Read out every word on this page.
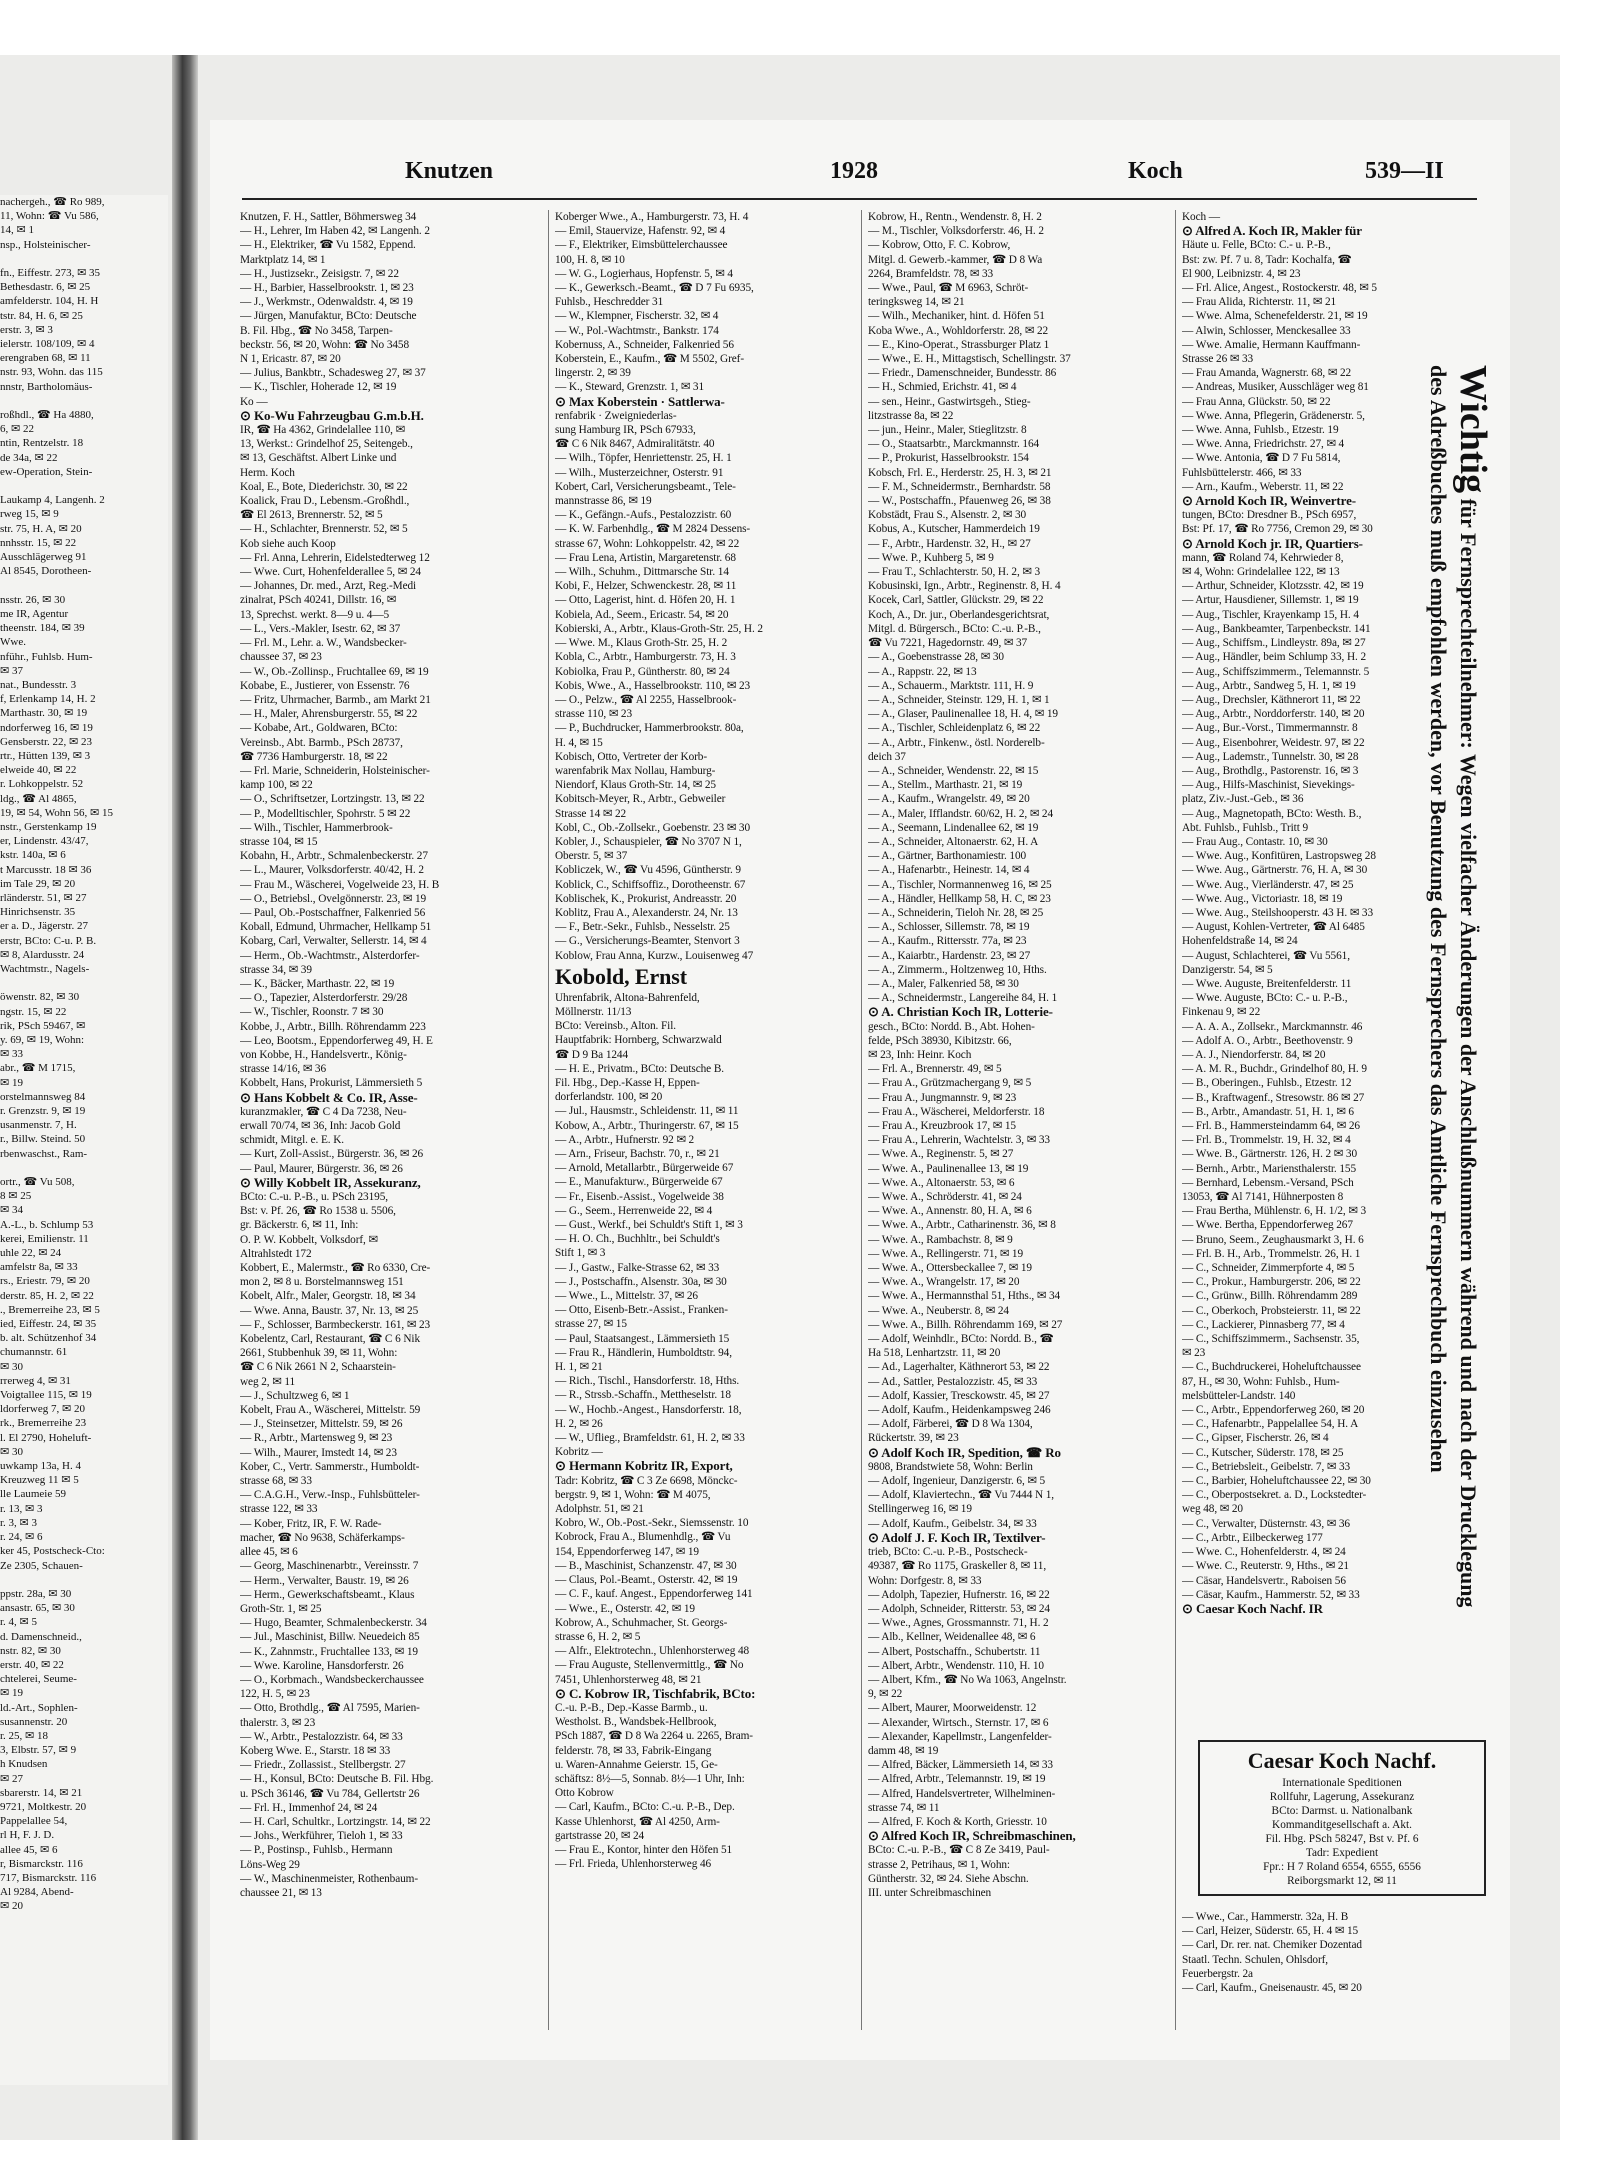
nachergeh., ☎ Ro 989,
11, Wohn: ☎ Vu 586,
14, ✉ 1
nsp., Holsteinischer-

fn., Eiffestr. 273, ✉ 35
Bethesdastr. 6, ✉ 25
amfelderstr. 104, H. H
tstr. 84, H. 6, ✉ 25
erstr. 3, ✉ 3
ielerstr. 108/109, ✉ 4
erengraben 68, ✉ 11
nstr. 93, Wohn. das 115
nnstr, Bartholomäus-

roßhdl., ☎ Ha 4880,
6, ✉ 22
ntin, Rentzelstr. 18
de 34a, ✉ 22
ew-Operation, Stein-

Laukamp 4, Langenh. 2
rweg 15, ✉ 9
str. 75, H. A, ✉ 20
nnhsstr. 15, ✉ 22
Ausschlägerweg 91
Al 8545, Dorotheen-

nsstr. 26, ✉ 30
me IR, Agentur
theenstr. 184, ✉ 39
Wwe.
nführ., Fuhlsb. Hum-
✉ 37
nat., Bundesstr. 3
f, Erlenkamp 14, H. 2
Marthastr. 30, ✉ 19
ndorferweg 16, ✉ 19
Gensberstr. 22, ✉ 23
rtr., Hütten 139, ✉ 3
elweide 40, ✉ 22
r. Lohkoppelstr. 52
ldg., ☎ Al 4865,
19, ✉ 54, Wohn 56, ✉ 15
nstr., Gerstenkamp 19
er, Lindenstr. 43/47,
kstr. 140a, ✉ 6
t Marcusstr. 18 ✉ 36
im Tale 29, ✉ 20
rländerstr. 51, ✉ 27
Hinrichsenstr. 35
er a. D., Jägerstr. 27
erstr, BCto: C-u. P. B.
✉ 8, Alardusstr. 24
Wachtmstr., Nagels-

öwenstr. 82, ✉ 30
ngstr. 15, ✉ 22
rik, PSch 59467, ✉
y. 69, ✉ 19, Wohn:
✉ 33
abr., ☎ M 1715,
✉ 19
orstelmannsweg 84
r. Grenzstr. 9, ✉ 19
usanmenstr. 7, H.
r., Billw. Steind. 50
rbenwaschst., Ram-

ortr., ☎ Vu 508,
8 ✉ 25
✉ 34
A.-L., b. Schlump 53
kerei, Emilienstr. 11
uhle 22, ✉ 24
amfelstr 8a, ✉ 33
rs., Eriestr. 79, ✉ 20
derstr. 85, H. 2, ✉ 22
., Bremerreihe 23, ✉ 5
ied, Eiffestr. 24, ✉ 35
b. alt. Schützenhof 34
chumannstr. 61
✉ 30
rrerweg 4, ✉ 31
Voigtallee 115, ✉ 19
ldorferweg 7, ✉ 20
rk., Bremerreihe 23
l. El 2790, Hoheluft-
✉ 30
uwkamp 13a, H. 4
Kreuzweg 11 ✉ 5
lle Laumeie 59
r. 13, ✉ 3
r. 3, ✉ 3
r. 24, ✉ 6
ker 45, Postscheck-Cto:
Ze 2305, Schauen-

ppstr. 28a, ✉ 30
ansastr. 65, ✉ 30
r. 4, ✉ 5
d. Damenschneid.,
nstr. 82, ✉ 30
erstr. 40, ✉ 22
chtelerei, Seume-
✉ 19
ld.-Art., Sophlen-
susannenstr. 20
r. 25, ✉ 18
3, Elbstr. 57, ✉ 9
h Knudsen
✉ 27
sbarerstr. 14, ✉ 21
9721, Moltkestr. 20
Pappelallee 54,
rl H, F. J. D.
allee 45, ✉ 6
r, Bismarckstr. 116
717, Bismarckstr. 116
Al 9284, Abend-
✉ 20
Knutzen	1928	Koch	539—II
Knutzen, F. H., Sattler, Böhmersweg 34
— H., Lehrer, Im Haben 42, ✉ Langenh. 2
— H., Elektriker, ☎ Vu 1582, Eppend.
Marktplatz 14, ✉ 1
— H., Justizsekr., Zeisigstr. 7, ✉ 22
— H., Barbier, Hasselbrookstr. 1, ✉ 23
— J., Werkmstr., Odenwaldstr. 4, ✉ 19
— Jürgen, Manufaktur, BCto: Deutsche
B. Fil. Hbg., ☎ No 3458, Tarpen-
beckstr. 56, ✉ 20, Wohn: ☎ No 3458
N 1, Ericastr. 87, ✉ 20
— Julius, Bankbtr., Schadesweg 27, ✉ 37
— K., Tischler, Hoherade 12, ✉ 19
Ko —
⊙ Ko-Wu Fahrzeugbau G.m.b.H.
IR, ☎ Ha 4362, Grindelallee 110, ✉
13, Werkst.: Grindelhof 25, Seitengeb.,
✉ 13, Geschäftst. Albert Linke und
Herm. Koch
Koal, E., Bote, Diederichstr. 30, ✉ 22
Koalick, Frau D., Lebensm.-Großhdl.,
☎ El 2613, Brennerstr. 52, ✉ 5
— H., Schlachter, Brennerstr. 52, ✉ 5
Kob siehe auch Koop
— Frl. Anna, Lehrerin, Eidelstedterweg 12
— Wwe. Curt, Hohenfelderallee 5, ✉ 24
— Johannes, Dr. med., Arzt, Reg.-Medi
zinalrat, PSch 40241, Dillstr. 16, ✉
13, Sprechst. werkt. 8—9 u. 4—5
— L., Vers.-Makler, Isestr. 62, ✉ 37
— Frl. M., Lehr. a. W., Wandsbecker-
chaussee 37, ✉ 23
— W., Ob.-Zollinsp., Fruchtallee 69, ✉ 19
Kobabe, E., Justierer, von Essenstr. 76
— Fritz, Uhrmacher, Barmb., am Markt 21
— H., Maler, Ahrensburgerstr. 55, ✉ 22
— Kobabe, Art., Goldwaren, BCto:
Vereinsb., Abt. Barmb., PSch 28737,
☎ 7736 Hamburgerstr. 18, ✉ 22
— Frl. Marie, Schneiderin, Holsteinischer-
kamp 100, ✉ 22
— O., Schriftsetzer, Lortzingstr. 13, ✉ 22
— P., Modelltischler, Spohrstr. 5 ✉ 22
— Wilh., Tischler, Hammerbrook-
strasse 104, ✉ 15
Kobahn, H., Arbtr., Schmalenbeckerstr. 27
— L., Maurer, Volksdorferstr. 40/42, H. 2
— Frau M., Wäscherei, Vogelweide 23, H. B
— O., Betriebsl., Ovelgönnerstr. 23, ✉ 19
— Paul, Ob.-Postschaffner, Falkenried 56
Koball, Edmund, Uhrmacher, Hellkamp 51
Kobarg, Carl, Verwalter, Sellerstr. 14, ✉ 4
— Herm., Ob.-Wachtmstr., Alsterdorfer-
strasse 34, ✉ 39
— K., Bäcker, Marthastr. 22, ✉ 19
— O., Tapezier, Alsterdorferstr. 29/28
— W., Tischler, Roonstr. 7 ✉ 30
Kobbe, J., Arbtr., Billh. Röhrendamm 223
— Leo, Bootsm., Eppendorferweg 49, H. E
von Kobbe, H., Handelsvertr., König-
strasse 14/16, ✉ 36
Kobbelt, Hans, Prokurist, Lämmersieth 5
⊙ Hans Kobbelt & Co. IR, Asse-
kuranzmakler, ☎ C 4 Da 7238, Neu-
erwall 70/74, ✉ 36, Inh: Jacob Gold
schmidt, Mitgl. e. E. K.
— Kurt, Zoll-Assist., Bürgerstr. 36, ✉ 26
— Paul, Maurer, Bürgerstr. 36, ✉ 26
⊙ Willy Kobbelt IR, Assekuranz,
BCto: C.-u. P.-B., u. PSch 23195,
Bst: v. Pf. 26, ☎ Ro 1538 u. 5506,
gr. Bäckerstr. 6, ✉ 11, Inh:
O. P. W. Kobbelt, Volksdorf, ✉
Altrahlstedt 172
Kobbert, E., Malermstr., ☎ Ro 6330, Cre-
mon 2, ✉ 8 u. Borstelmannsweg 151
Kobelt, Alfr., Maler, Georgstr. 18, ✉ 34
— Wwe. Anna, Baustr. 37, Nr. 13, ✉ 25
— F., Schlosser, Barmbeckerstr. 161, ✉ 23
Kobelentz, Carl, Restaurant, ☎ C 6 Nik
2661, Stubbenhuk 39, ✉ 11, Wohn:
☎ C 6 Nik 2661 N 2, Schaarstein-
weg 2, ✉ 11
— J., Schultzweg 6, ✉ 1
Kobelt, Frau A., Wäscherei, Mittelstr. 59
— J., Steinsetzer, Mittelstr. 59, ✉ 26
— R., Arbtr., Martensweg 9, ✉ 23
— Wilh., Maurer, Imstedt 14, ✉ 23
Kober, C., Vertr. Sammerstr., Humboldt-
strasse 68, ✉ 33
— C.A.G.H., Verw.-Insp., Fuhlsbütteler-
strasse 122, ✉ 33
— Kober, Fritz, IR, F. W. Rade-
macher, ☎ No 9638, Schäferkamps-
allee 45, ✉ 6
— Georg, Maschinenarbtr., Vereinsstr. 7
— Herm., Verwalter, Baustr. 19, ✉ 26
— Herm., Gewerkschaftsbeamt., Klaus
Groth-Str. 1, ✉ 25
— Hugo, Beamter, Schmalenbeckerstr. 34
— Jul., Maschinist, Billw. Neuedeich 85
— K., Zahnmstr., Fruchtallee 133, ✉ 19
— Wwe. Karoline, Hansdorferstr. 26
— O., Korbmach., Wandsbeckerchaussee
122, H. 5, ✉ 23
— Otto, Brothdlg., ☎ Al 7595, Marien-
thalerstr. 3, ✉ 23
— W., Arbtr., Pestalozzistr. 64, ✉ 33
Koberg Wwe. E., Starstr. 18 ✉ 33
— Friedr., Zollassist., Stellbergstr. 27
— H., Konsul, BCto: Deutsche B. Fil. Hbg.
u. PSch 36146, ☎ Vu 784, Gellertstr 26
— Frl. H., Immenhof 24, ✉ 24
— H. Carl, Schultkr., Lortzingstr. 14, ✉ 22
— Johs., Werkführer, Tieloh 1, ✉ 33
— P., Postinsp., Fuhlsb., Hermann
Löns-Weg 29
— W., Maschinenmeister, Rothenbaum-
chaussee 21, ✉ 13
Koberger Wwe., A., Hamburgerstr. 73, H. 4
— Emil, Stauervize, Hafenstr. 92, ✉ 4
— F., Elektriker, Eimsbüttelerchaussee
100, H. 8, ✉ 10
— W. G., Logierhaus, Hopfenstr. 5, ✉ 4
— K., Gewerksch.-Beamt., ☎ D 7 Fu 6935,
Fuhlsb., Heschredder 31
— W., Klempner, Fischerstr. 32, ✉ 4
— W., Pol.-Wachtmstr., Bankstr. 174
Kobernuss, A., Schneider, Falkenried 56
Koberstein, E., Kaufm., ☎ M 5502, Gref-
lingerstr. 2, ✉ 39
— K., Steward, Grenzstr. 1, ✉ 31
⊙ Max Koberstein · Sattlerwa-
renfabrik · Zweigniederlas-
sung Hamburg IR, PSch 67933,
☎ C 6 Nik 8467, Admiralitätstr. 40
— Wilh., Töpfer, Henriettenstr. 25, H. 1
— Wilh., Musterzeichner, Osterstr. 91
Kobert, Carl, Versicherungsbeamt., Tele-
mannstrasse 86, ✉ 19
— K., Gefängn.-Aufs., Pestalozzistr. 60
— K. W. Farbenhdlg., ☎ M 2824 Dessens-
strasse 67, Wohn: Lohkoppelstr. 42, ✉ 22
— Frau Lena, Artistin, Margaretenstr. 68
— Wilh., Schuhm., Dittmarsche Str. 14
Kobi, F., Helzer, Schwenckestr. 28, ✉ 11
— Otto, Lagerist, hint. d. Höfen 20, H. 1
Kobiela, Ad., Seem., Ericastr. 54, ✉ 20
Kobierski, A., Arbtr., Klaus-Groth-Str. 25, H. 2
— Wwe. M., Klaus Groth-Str. 25, H. 2
Kobla, C., Arbtr., Hamburgerstr. 73, H. 3
Kobiolka, Frau P., Güntherstr. 80, ✉ 24
Kobis, Wwe., A., Hasselbrookstr. 110, ✉ 23
— O., Pelzw., ☎ Al 2255, Hasselbrook-
strasse 110, ✉ 23
— P., Buchdrucker, Hammerbrookstr. 80a,
H. 4, ✉ 15
Kobisch, Otto, Vertreter der Korb-
warenfabrik Max Nollau, Hamburg-
Niendorf, Klaus Groth-Str. 14, ✉ 25
Kobitsch-Meyer, R., Arbtr., Gebweiler
Strasse 14 ✉ 22
Kobl, C., Ob.-Zollsekr., Goebenstr. 23 ✉ 30
Kobler, J., Schauspieler, ☎ No 3707 N 1,
Oberstr. 5, ✉ 37
Kobliczek, W., ☎ Vu 4596, Güntherstr. 9
Koblick, C., Schiffsoffiz., Dorotheenstr. 67
Koblischek, K., Prokurist, Andreasstr. 20
Koblitz, Frau A., Alexanderstr. 24, Nr. 13
— F., Betr.-Sekr., Fuhlsb., Nesselstr. 25
— G., Versicherungs-Beamter, Stenvort 3
Koblow, Frau Anna, Kurzw., Louisenweg 47
Kobold, Ernst
Uhrenfabrik, Altona-Bahrenfeld,
Möllnerstr. 11/13
BCto: Vereinsb., Alton. Fil.
Hauptfabrik: Hornberg, Schwarzwald
☎ D 9 Ba 1244
— H. E., Privatm., BCto: Deutsche B.
Fil. Hbg., Dep.-Kasse H, Eppen-
dorferlandstr. 100, ✉ 20
— Jul., Hausmstr., Schleidenstr. 11, ✉ 11
Kobow, A., Arbtr., Thuringerstr. 67, ✉ 15
— A., Arbtr., Hufnerstr. 92 ✉ 2
— Arn., Friseur, Bachstr. 70, r., ✉ 21
— Arnold, Metallarbtr., Bürgerweide 67
— E., Manufakturw., Bürgerweide 67
— Fr., Eisenb.-Assist., Vogelweide 38
— G., Seem., Herrenweide 22, ✉ 4
— Gust., Werkf., bei Schuldt's Stift 1, ✉ 3
— H. O. Ch., Buchhltr., bei Schuldt's
Stift 1, ✉ 3
— J., Gastw., Falke-Strasse 62, ✉ 33
— J., Postschaffn., Alsenstr. 30a, ✉ 30
— Wwe., L., Mittelstr. 37, ✉ 26
— Otto, Eisenb-Betr.-Assist., Franken-
strasse 27, ✉ 15
— Paul, Staatsangest., Lämmersieth 15
— Frau R., Händlerin, Humboldtstr. 94,
H. 1, ✉ 21
— Rich., Tischl., Hansdorferstr. 18, Hths.
— R., Strssb.-Schaffn., Mettheselstr. 18
— W., Hochb.-Angest., Hansdorferstr. 18,
H. 2, ✉ 26
— W., Uflieg., Bramfeldstr. 61, H. 2, ✉ 33
Kobritz —
⊙ Hermann Kobritz IR, Export,
Tadr: Kobritz, ☎ C 3 Ze 6698, Mönckc-
bergstr. 9, ✉ 1, Wohn: ☎ M 4075,
Adolphstr. 51, ✉ 21
Kobro, W., Ob.-Post.-Sekr., Siemssenstr. 10
Kobrock, Frau A., Blumenhdlg., ☎ Vu
154, Eppendorferweg 147, ✉ 19
— B., Maschinist, Schanzenstr. 47, ✉ 30
— Claus, Pol.-Beamt., Osterstr. 42, ✉ 19
— C. F., kauf. Angest., Eppendorferweg 141
— Wwe., E., Osterstr. 42, ✉ 19
Kobrow, A., Schuhmacher, St. Georgs-
strasse 6, H. 2, ✉ 5
— Alfr., Elektrotechn., Uhlenhorsterweg 48
— Frau Auguste, Stellenvermittlg., ☎ No
7451, Uhlenhorsterweg 48, ✉ 21
⊙ C. Kobrow IR, Tischfabrik, BCto:
C.-u. P.-B., Dep.-Kasse Barmb., u.
Westholst. B., Wandsbek-Hellbrook,
PSch 1887, ☎ D 8 Wa 2264 u. 2265, Bram-
felderstr. 78, ✉ 33, Fabrik-Eingang
u. Waren-Annahme Geierstr. 15, Ge-
schäftsz: 8½—5, Sonnab. 8½—1 Uhr, Inh:
Otto Kobrow
— Carl, Kaufm., BCto: C.-u. P.-B., Dep.
Kasse Uhlenhorst, ☎ Al 4250, Arm-
gartstrasse 20, ✉ 24
— Frau E., Kontor, hinter den Höfen 51
— Frl. Frieda, Uhlenhorsterweg 46
Kobrow, H., Rentn., Wendenstr. 8, H. 2
— M., Tischler, Volksdorferstr. 46, H. 2
— Kobrow, Otto, F. C. Kobrow,
Mitgl. d. Gewerb.-kammer, ☎ D 8 Wa
2264, Bramfeldstr. 78, ✉ 33
— Wwe., Paul, ☎ M 6963, Schröt-
teringksweg 14, ✉ 21
— Wilh., Mechaniker, hint. d. Höfen 51
Koba Wwe., A., Wohldorferstr. 28, ✉ 22
— E., Kino-Operat., Strassburger Platz 1
— Wwe., E. H., Mittagstisch, Schellingstr. 37
— Friedr., Damenschneider, Bundesstr. 86
— H., Schmied, Erichstr. 41, ✉ 4
— sen., Heinr., Gastwirtsgeh., Stieg-
litzstrasse 8a, ✉ 22
— jun., Heinr., Maler, Stieglitzstr. 8
— O., Staatsarbtr., Marckmannstr. 164
— P., Prokurist, Hasselbrookstr. 154
Kobsch, Frl. E., Herderstr. 25, H. 3, ✉ 21
— F. M., Schneidermstr., Bernhardstr. 58
— W., Postschaffn., Pfauenweg 26, ✉ 38
Kobstädt, Frau S., Alsenstr. 2, ✉ 30
Kobus, A., Kutscher, Hammerdeich 19
— F., Arbtr., Hardenstr. 32, H., ✉ 27
— Wwe. P., Kuhberg 5, ✉ 9
— Frau T., Schlachterstr. 50, H. 2, ✉ 3
Kobusinski, Ign., Arbtr., Reginenstr. 8, H. 4
Kocek, Carl, Sattler, Glückstr. 29, ✉ 22
Koch, A., Dr. jur., Oberlandesgerichtsrat,
Mitgl. d. Bürgersch., BCto: C.-u. P.-B.,
☎ Vu 7221, Hagedornstr. 49, ✉ 37
— A., Goebenstrasse 28, ✉ 30
— A., Rappstr. 22, ✉ 13
— A., Schauerm., Marktstr. 111, H. 9
— A., Schneider, Steinstr. 129, H. 1, ✉ 1
— A., Glaser, Paulinenallee 18, H. 4, ✉ 19
— A., Tischler, Schleidenplatz 6, ✉ 22
— A., Arbtr., Finkenw., östl. Norderelb-
deich 37
— A., Schneider, Wendenstr. 22, ✉ 15
— A., Stellm., Marthastr. 21, ✉ 19
— A., Kaufm., Wrangelstr. 49, ✉ 20
— A., Maler, Ifflandstr. 60/62, H. 2, ✉ 24
— A., Seemann, Lindenallee 62, ✉ 19
— A., Schneider, Altonaerstr. 62, H. A
— A., Gärtner, Barthonamiestr. 100
— A., Hafenarbtr., Heinestr. 14, ✉ 4
— A., Tischler, Normannenweg 16, ✉ 25
— A., Händler, Hellkamp 58, H. C, ✉ 23
— A., Schneiderin, Tieloh Nr. 28, ✉ 25
— A., Schlosser, Sillemstr. 78, ✉ 19
— A., Kaufm., Rittersstr. 77a, ✉ 23
— A., Kaiarbtr., Hardenstr. 23, ✉ 27
— A., Zimmerm., Holtzenweg 10, Hths.
— A., Maler, Falkenried 58, ✉ 30
— A., Schneidermstr., Langereihe 84, H. 1
⊙ A. Christian Koch IR, Lotterie-
gesch., BCto: Nordd. B., Abt. Hohen-
felde, PSch 38930, Kibitzstr. 66,
✉ 23, Inh: Heinr. Koch
— Frl. A., Brennerstr. 49, ✉ 5
— Frau A., Grützmachergang 9, ✉ 5
— Frau A., Jungmannstr. 9, ✉ 23
— Frau A., Wäscherei, Meldorferstr. 18
— Frau A., Kreuzbrook 17, ✉ 15
— Frau A., Lehrerin, Wachtelstr. 3, ✉ 33
— Wwe. A., Reginenstr. 5, ✉ 27
— Wwe. A., Paulinenallee 13, ✉ 19
— Wwe. A., Altonaerstr. 53, ✉ 6
— Wwe. A., Schröderstr. 41, ✉ 24
— Wwe. A., Annenstr. 80, H. A, ✉ 6
— Wwe. A., Arbtr., Catharinenstr. 36, ✉ 8
— Wwe. A., Rambachstr. 8, ✉ 9
— Wwe. A., Rellingerstr. 71, ✉ 19
— Wwe. A., Ottersbeckallee 7, ✉ 19
— Wwe. A., Wrangelstr. 17, ✉ 20
— Wwe. A., Hermannsthal 51, Hths., ✉ 34
— Wwe. A., Neuberstr. 8, ✉ 24
— Wwe. A., Billh. Röhrendamm 169, ✉ 27
— Adolf, Weinhdlr., BCto: Nordd. B., ☎
Ha 518, Lenhartzstr. 11, ✉ 20
— Ad., Lagerhalter, Käthnerort 53, ✉ 22
— Ad., Sattler, Pestalozzistr. 45, ✉ 33
— Adolf, Kassier, Tresckowstr. 45, ✉ 27
— Adolf, Kaufm., Heidenkampsweg 246
— Adolf, Färberei, ☎ D 8 Wa 1304,
Rückertstr. 39, ✉ 23
⊙ Adolf Koch IR, Spedition, ☎ Ro
9808, Brandstwiete 58, Wohn: Berlin
— Adolf, Ingenieur, Danzigerstr. 6, ✉ 5
— Adolf, Klaviertechn., ☎ Vu 7444 N 1,
Stellingerweg 16, ✉ 19
— Adolf, Kaufm., Geibelstr. 34, ✉ 33
⊙ Adolf J. F. Koch IR, Textilver-
trieb, BCto: C.-u. P.-B., Postscheck-
49387, ☎ Ro 1175, Graskeller 8, ✉ 11,
Wohn: Dorfgestr. 8, ✉ 33
— Adolph, Tapezier, Hufnerstr. 16, ✉ 22
— Adolph, Schneider, Ritterstr. 53, ✉ 24
— Wwe., Agnes, Grossmannstr. 71, H. 2
— Alb., Kellner, Weidenallee 48, ✉ 6
— Albert, Postschaffn., Schubertstr. 11
— Albert, Arbtr., Wendenstr. 110, H. 10
— Albert, Kfm., ☎ No Wa 1063, Angelnstr.
9, ✉ 22
— Albert, Maurer, Moorweidenstr. 12
— Alexander, Wirtsch., Sternstr. 17, ✉ 6
— Alexander, Kapellmstr., Langenfelder-
damm 48, ✉ 19
— Alfred, Bäcker, Lämmersieth 14, ✉ 33
— Alfred, Arbtr., Telemannstr. 19, ✉ 19
— Alfred, Handelsvertreter, Wilhelminen-
strasse 74, ✉ 11
— Alfred, F. Koch & Korth, Griesstr. 10
⊙ Alfred Koch IR, Schreibmaschinen,
BCto: C.-u. P.-B., ☎ C 8 Ze 3419, Paul-
strasse 2, Petrihaus, ✉ 1, Wohn:
Güntherstr. 32, ✉ 24. Siehe Abschn.
III. unter Schreibmaschinen
Koch —
⊙ Alfred A. Koch IR, Makler für
Häute u. Felle, BCto: C.- u. P.-B.,
Bst: zw. Pf. 7 u. 8, Tadr: Kochalfa, ☎
El 900, Leibnizstr. 4, ✉ 23
— Frl. Alice, Angest., Rostockerstr. 48, ✉ 5
— Frau Alida, Richterstr. 11, ✉ 21
— Wwe. Alma, Schenefelderstr. 21, ✉ 19
— Alwin, Schlosser, Menckesallee 33
— Wwe. Amalie, Hermann Kauffmann-
Strasse 26 ✉ 33
— Frau Amanda, Wagnerstr. 68, ✉ 22
— Andreas, Musiker, Ausschläger weg 81
— Frau Anna, Glückstr. 50, ✉ 22
— Wwe. Anna, Pflegerin, Grädenerstr. 5,
— Wwe. Anna, Fuhlsb., Etzestr. 19
— Wwe. Anna, Friedrichstr. 27, ✉ 4
— Wwe. Antonia, ☎ D 7 Fu 5814,
Fuhlsbüttelerstr. 466, ✉ 33
— Arn., Kaufm., Weberstr. 11, ✉ 22
⊙ Arnold Koch IR, Weinvertre-
tungen, BCto: Dresdner B., PSch 6957,
Bst: Pf. 17, ☎ Ro 7756, Cremon 29, ✉ 30
⊙ Arnold Koch jr. IR, Quartiers-
mann, ☎ Roland 74, Kehrwieder 8,
✉ 4, Wohn: Grindelallee 122, ✉ 13
— Arthur, Schneider, Klotzsstr. 42, ✉ 19
— Artur, Hausdiener, Sillemstr. 1, ✉ 19
— Aug., Tischler, Krayenkamp 15, H. 4
— Aug., Bankbeamter, Tarpenbeckstr. 141
— Aug., Schiffsm., Lindleystr. 89a, ✉ 27
— Aug., Händler, beim Schlump 33, H. 2
— Aug., Schiffszimmerm., Telemannstr. 5
— Aug., Arbtr., Sandweg 5, H. 1, ✉ 19
— Aug., Drechsler, Käthnerort 11, ✉ 22
— Aug., Arbtr., Norddorferstr. 140, ✉ 20
— Aug., Bur.-Vorst., Timmermannstr. 8
— Aug., Eisenbohrer, Weidestr. 97, ✉ 22
— Aug., Lademstr., Tunnelstr. 30, ✉ 28
— Aug., Brothdlg., Pastorenstr. 16, ✉ 3
— Aug., Hilfs-Maschinist, Sievekings-
platz, Ziv.-Just.-Geb., ✉ 36
— Aug., Magnetopath, BCto: Westh. B.,
Abt. Fuhlsb., Fuhlsb., Tritt 9
— Frau Aug., Contastr. 10, ✉ 30
— Wwe. Aug., Konfitüren, Lastropsweg 28
— Wwe. Aug., Gärtnerstr. 76, H. A, ✉ 30
— Wwe. Aug., Vierländerstr. 47, ✉ 25
— Wwe. Aug., Victoriastr. 18, ✉ 19
— Wwe. Aug., Steilshooperstr. 43 H. ✉ 33
— August, Kohlen-Vertreter, ☎ Al 6485
Hohenfeldstraße 14, ✉ 24
— August, Schlachterei, ☎ Vu 5561,
Danzigerstr. 54, ✉ 5
— Wwe. Auguste, Breitenfelderstr. 11
— Wwe. Auguste, BCto: C.- u. P.-B.,
Finkenau 9, ✉ 22
— A. A. A., Zollsekr., Marckmannstr. 46
— Adolf A. O., Arbtr., Beethovenstr. 9
— A. J., Niendorferstr. 84, ✉ 20
— A. M. R., Buchdr., Grindelhof 80, H. 9
— B., Oberingen., Fuhlsb., Etzestr. 12
— B., Kraftwagenf., Stresowstr. 86 ✉ 27
— B., Arbtr., Amandastr. 51, H. 1, ✉ 6
— Frl. B., Hammersteindamm 64, ✉ 26
— Frl. B., Trommelstr. 19, H. 32, ✉ 4
— Wwe. B., Gärtnerstr. 126, H. 2 ✉ 30
— Bernh., Arbtr., Mariensthalerstr. 155
— Bernhard, Lebensm.-Versand, PSch
13053, ☎ Al 7141, Hühnerposten 8
— Frau Bertha, Mühlenstr. 6, H. 1/2, ✉ 3
— Wwe. Bertha, Eppendorferweg 267
— Bruno, Seem., Zeughausmarkt 3, H. 6
— Frl. B. H., Arb., Trommelstr. 26, H. 1
— C., Schneider, Zimmerpforte 4, ✉ 5
— C., Prokur., Hamburgerstr. 206, ✉ 22
— C., Grünw., Billh. Röhrendamm 289
— C., Oberkoch, Probsteierstr. 11, ✉ 22
— C., Lackierer, Pinnasberg 77, ✉ 4
— C., Schiffszimmerm., Sachsenstr. 35,
✉ 23
— C., Buchdruckerei, Hoheluftchaussee
87, H., ✉ 30, Wohn: Fuhlsb., Hum-
melsbütteler-Landstr. 140
— C., Arbtr., Eppendorferweg 260, ✉ 20
— C., Hafenarbtr., Pappelallee 54, H. A
— C., Gipser, Fischerstr. 26, ✉ 4
— C., Kutscher, Süderstr. 178, ✉ 25
— C., Betriebsleit., Geibelstr. 7, ✉ 33
— C., Barbier, Hoheluftchaussee 22, ✉ 30
— C., Oberpostsekret. a. D., Lockstedter-
weg 48, ✉ 20
— C., Verwalter, Düsternstr. 43, ✉ 36
— C., Arbtr., Eilbeckerweg 177
— Wwe. C., Hohenfelderstr. 4, ✉ 24
— Wwe. C., Reuterstr. 9, Hths., ✉ 21
— Cäsar, Handelsvertr., Raboisen 56
— Cäsar, Kaufm., Hammerstr. 52, ✉ 33
⊙ Caesar Koch Nachf. IR
Caesar Koch Nachf.
Internationale Speditionen
Rollfuhr, Lagerung, Assekuranz
BCto: Darmst. u. Nationalbank
Kommanditgesellschaft a. Akt.
Fil. Hbg. PSch 58247, Bst v. Pf. 6
Tadr: Expedient
Fpr.: H 7 Roland 6554, 6555, 6556
Reiborgsmarkt 12, ✉ 11
— Wwe., Car., Hammerstr. 32a, H. B
— Carl, Heizer, Süderstr. 65, H. 4 ✉ 15
— Carl, Dr. rer. nat. Chemiker Dozentad
Staatl. Techn. Schulen, Ohlsdorf,
Feuerbergstr. 2a
— Carl, Kaufm., Gneisenaustr. 45, ✉ 20
Wichtig für Fernsprechteilnehmer: Wegen vielfacher Änderungen der Anschlußnummern während und nach der Drucklegung
des Adreßbuches muß empfohlen werden, vor Benutzung des Fernsprechers das Amtliche Fernsprechbuch einzusehen
